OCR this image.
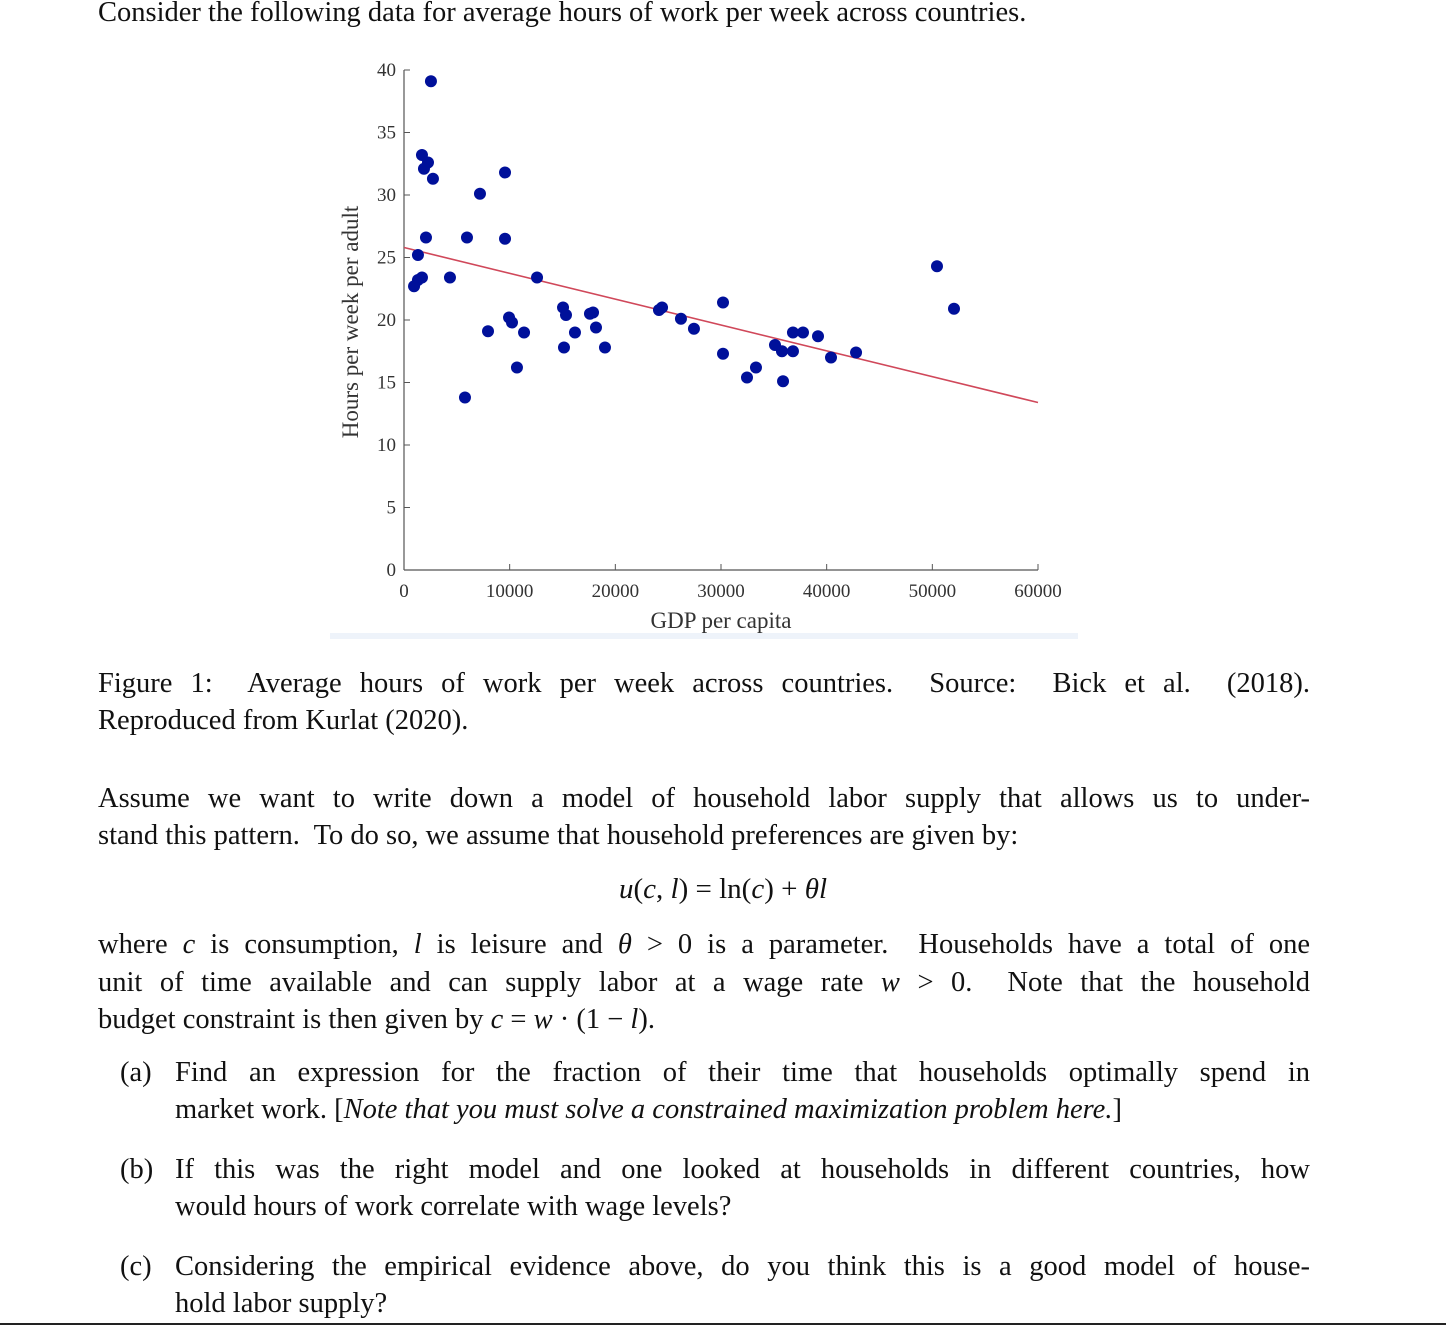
Consider the following data for average hours of work per week across countries.
Figure 1:  Average hours of work per week across countries.  Source:  Bick et al.  (2018).
Reproduced from Kurlat (2020).
Assume we want to write down a model of household labor supply that allows us to under-
stand this pattern.  To do so, we assume that household preferences are given by:
u(c, l) = ln(c) + θl
where c is consumption, l is leisure and θ > 0 is a parameter.  Households have a total of one
unit of time available and can supply labor at a wage rate w > 0.  Note that the household
budget constraint is then given by c = w · (1 − l).
(a) Find an expression for the fraction of their time that households optimally spend in
market work. [Note that you must solve a constrained maximization problem here.]
(b) If this was the right model and one looked at households in different countries, how
would hours of work correlate with wage levels?
(c) Considering the empirical evidence above, do you think this is a good model of house-
hold labor supply?
0
5
10
15
20
25
30
35
40
0	10000	20000	30000	40000	50000	60000
GDP per capita
Hours per week per adult
